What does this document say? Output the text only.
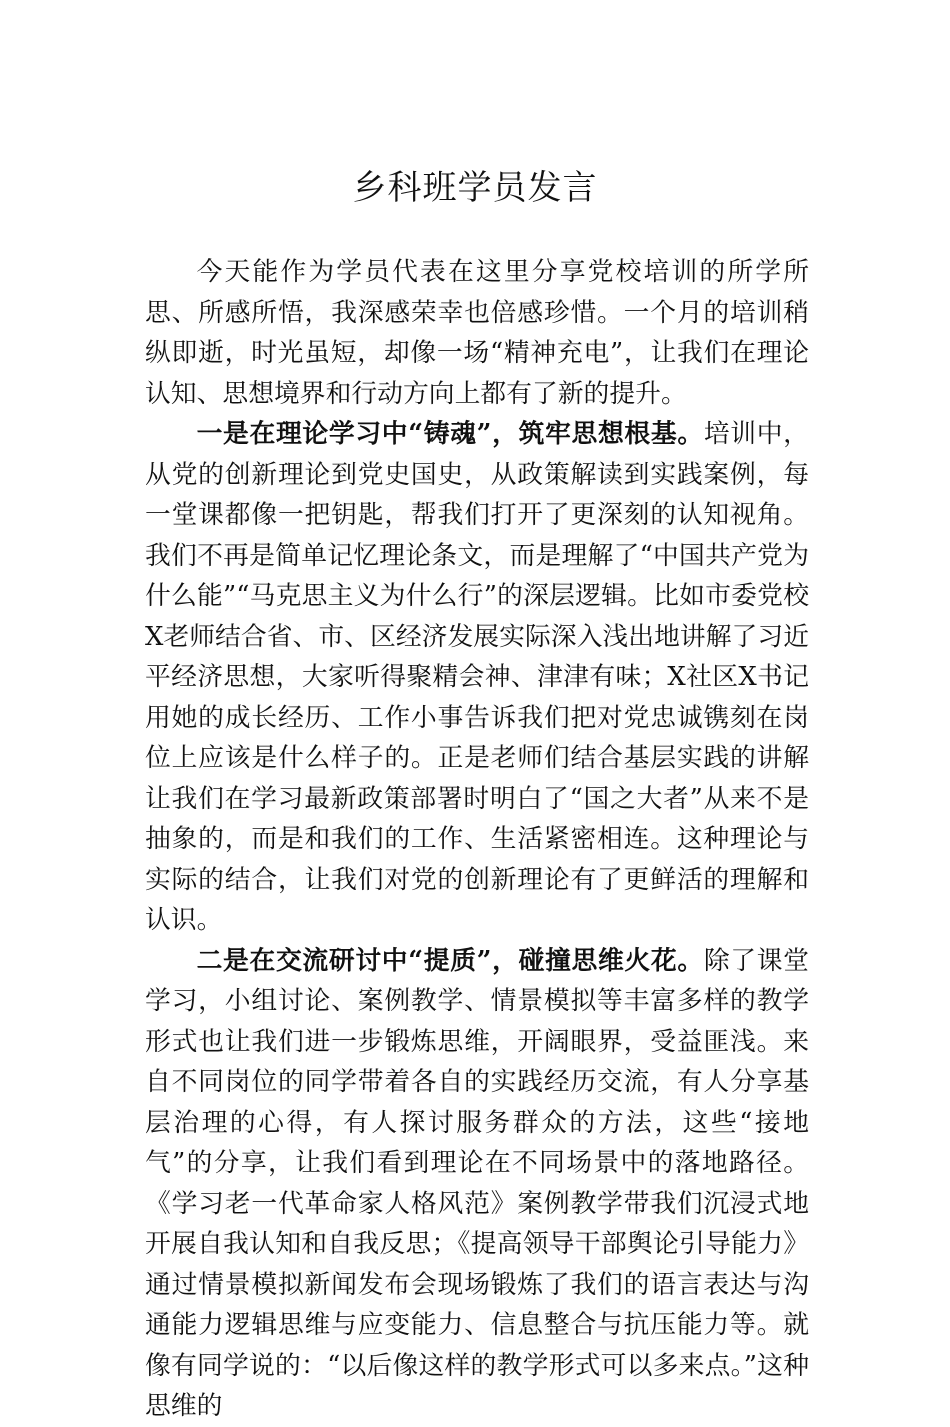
乡科班学员发言

今天能作为学员代表在这里分享党校培训的所学所思、所感所悟，我深感荣幸也倍感珍惜。一个月的培训稍纵即逝，时光虽短，却像一场“精神充电”，让我们在理论认知、思想境界和行动方向上都有了新的提升。

一是在理论学习中“铸魂”，筑牢思想根基。培训中，从党的创新理论到党史国史，从政策解读到实践案例，每一堂课都像一把钥匙，帮我们打开了更深刻的认知视角。我们不再是简单记忆理论条文，而是理解了“中国共产党为什么能”“马克思主义为什么行”的深层逻辑。比如市委党校X老师结合省、市、区经济发展实际深入浅出地讲解了习近平经济思想，大家听得聚精会神、津津有味；X社区X书记用她的成长经历、工作小事告诉我们把对党忠诚镌刻在岗位上应该是什么样子的。正是老师们结合基层实践的讲解让我们在学习最新政策部署时明白了“国之大者”从来不是抽象的，而是和我们的工作、生活紧密相连。这种理论与实际的结合，让我们对党的创新理论有了更鲜活的理解和认识。

二是在交流研讨中“提质”，碰撞思维火花。除了课堂学习，小组讨论、案例教学、情景模拟等丰富多样的教学形式也让我们进一步锻炼思维，开阔眼界，受益匪浅。来自不同岗位的同学带着各自的实践经历交流，有人分享基层治理的心得，有人探讨服务群众的方法，这些“接地气”的分享，让我们看到理论在不同场景中的落地路径。《学习老一代革命家人格风范》案例教学带我们沉浸式地开展自我认知和自我反思；《提高领导干部舆论引导能力》通过情景模拟新闻发布会现场锻炼了我们的语言表达与沟通能力逻辑思维与应变能力、信息整合与抗压能力等。就像有同学说的：“以后像这样的教学形式可以多来点。”这种思维的
